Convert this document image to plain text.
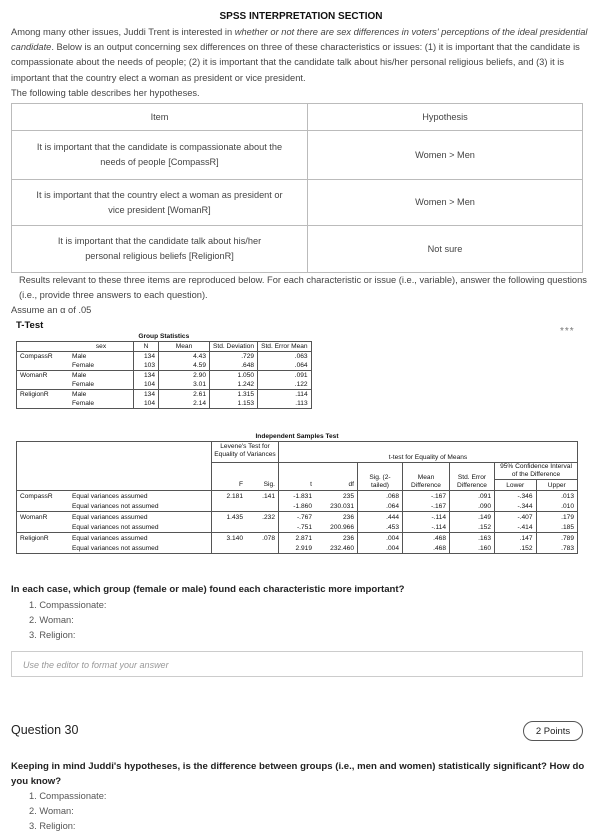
SPSS INTERPRETATION SECTION

Among many other issues, Juddi Trent is interested in whether or not there are sex differences in voters' perceptions of the ideal presidential candidate. Below is an output concerning sex differences on three of these characteristics or issues: (1) it is important that the candidate is compassionate about the needs of people; (2) it is important that the candidate talk about his/her personal religious beliefs, and (3) it is important that the country elect a woman as president or vice president.

The following table describes her hypotheses.

Item	Hypothesis
It is important that the candidate is compassionate about the needs of people [CompassR]	Women > Men
It is important that the country elect a woman as president or vice president [WomanR]	Women > Men
It is important that the candidate talk about his/her personal religious beliefs [ReligionR]	Not sure

Results relevant to these three items are reproduced below. For each characteristic or issue (i.e., variable), answer the following questions (i.e., provide three answers to each question).

Assume an α of .05

T-Test
***
Group Statistics					
	sex	N	Mean	Std. Deviation	Std. Error Mean
CompassR	Male	134	4.43	.729	.063
	Female	103	4.59	.648	.064
WomanR	Male	134	2.90	1.050	.091
	Female	104	3.01	1.242	.122
ReligionR	Male	134	2.61	1.315	.114
	Female	104	2.14	1.153	.113
Independent Samples Test										
		Levene's Test for Equality of Variances								
				t-test for Equality of Means						
						Sig. (2-tailed)	Mean Difference	Std. Error Difference	95% Confidence Interval of the Difference	
		F	Sig.	t	df				Lower	Upper
CompassR	Equal variances assumed	2.181	.141	-1.831	235	.068	-.167	.091	-.346	.013
	Equal variances not assumed			-1.860	230.031	.064	-.167	.090	-.344	.010
WomanR	Equal variances assumed	1.435	.232	-.767	236	.444	-.114	.149	-.407	.179
	Equal variances not assumed			-.751	200.966	.453	-.114	.152	-.414	.185
ReligionR	Equal variances assumed	3.140	.078	2.871	236	.004	.468	.163	.147	.789
	Equal variances not assumed			2.919	232.460	.004	.468	.160	.152	.783
In each case, which group (female or male) found each characteristic more important?
1. Compassionate:
2. Woman:
3. Religion:
Use the editor to format your answer
Question 30	2 Points
Keeping in mind Juddi's hypotheses, is the difference between groups (i.e., men and women) statistically significant? How do you know?
1. Compassionate:
2. Woman:
3. Religion:
